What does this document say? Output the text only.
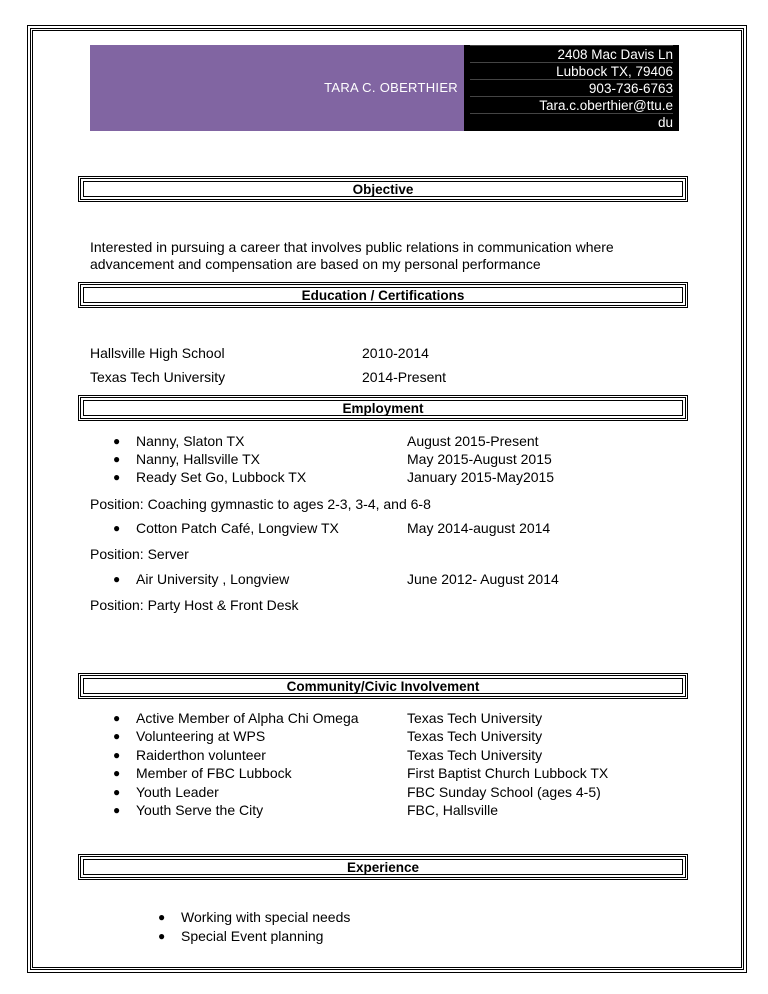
TARA C. OBERTHIER
2408 Mac Davis Ln
Lubbock TX, 79406
903-736-6763
Tara.c.oberthier@ttu.e
du
Objective
Interested in pursuing a career that involves public relations in communication where
advancement and compensation are based on my personal performance
Education / Certifications
Hallsville High School	2010-2014
Texas Tech University	2014-Present
Employment
● Nanny, Slaton TX	August 2015-Present
● Nanny, Hallsville TX	May 2015-August 2015
● Ready Set Go, Lubbock TX	January 2015-May2015
Position: Coaching gymnastic to ages 2-3, 3-4, and 6-8
● Cotton Patch Café, Longview TX	May 2014-august 2014
Position: Server
● Air University , Longview	June 2012- August 2014
Position: Party Host & Front Desk
Community/Civic Involvement
● Active Member of Alpha Chi Omega	Texas Tech University
● Volunteering at WPS	Texas Tech University
● Raiderthon volunteer	Texas Tech University
● Member of FBC Lubbock	First Baptist Church Lubbock TX
● Youth Leader	FBC Sunday School (ages 4-5)
● Youth Serve the City	FBC, Hallsville
Experience
● Working with special needs
● Special Event planning
